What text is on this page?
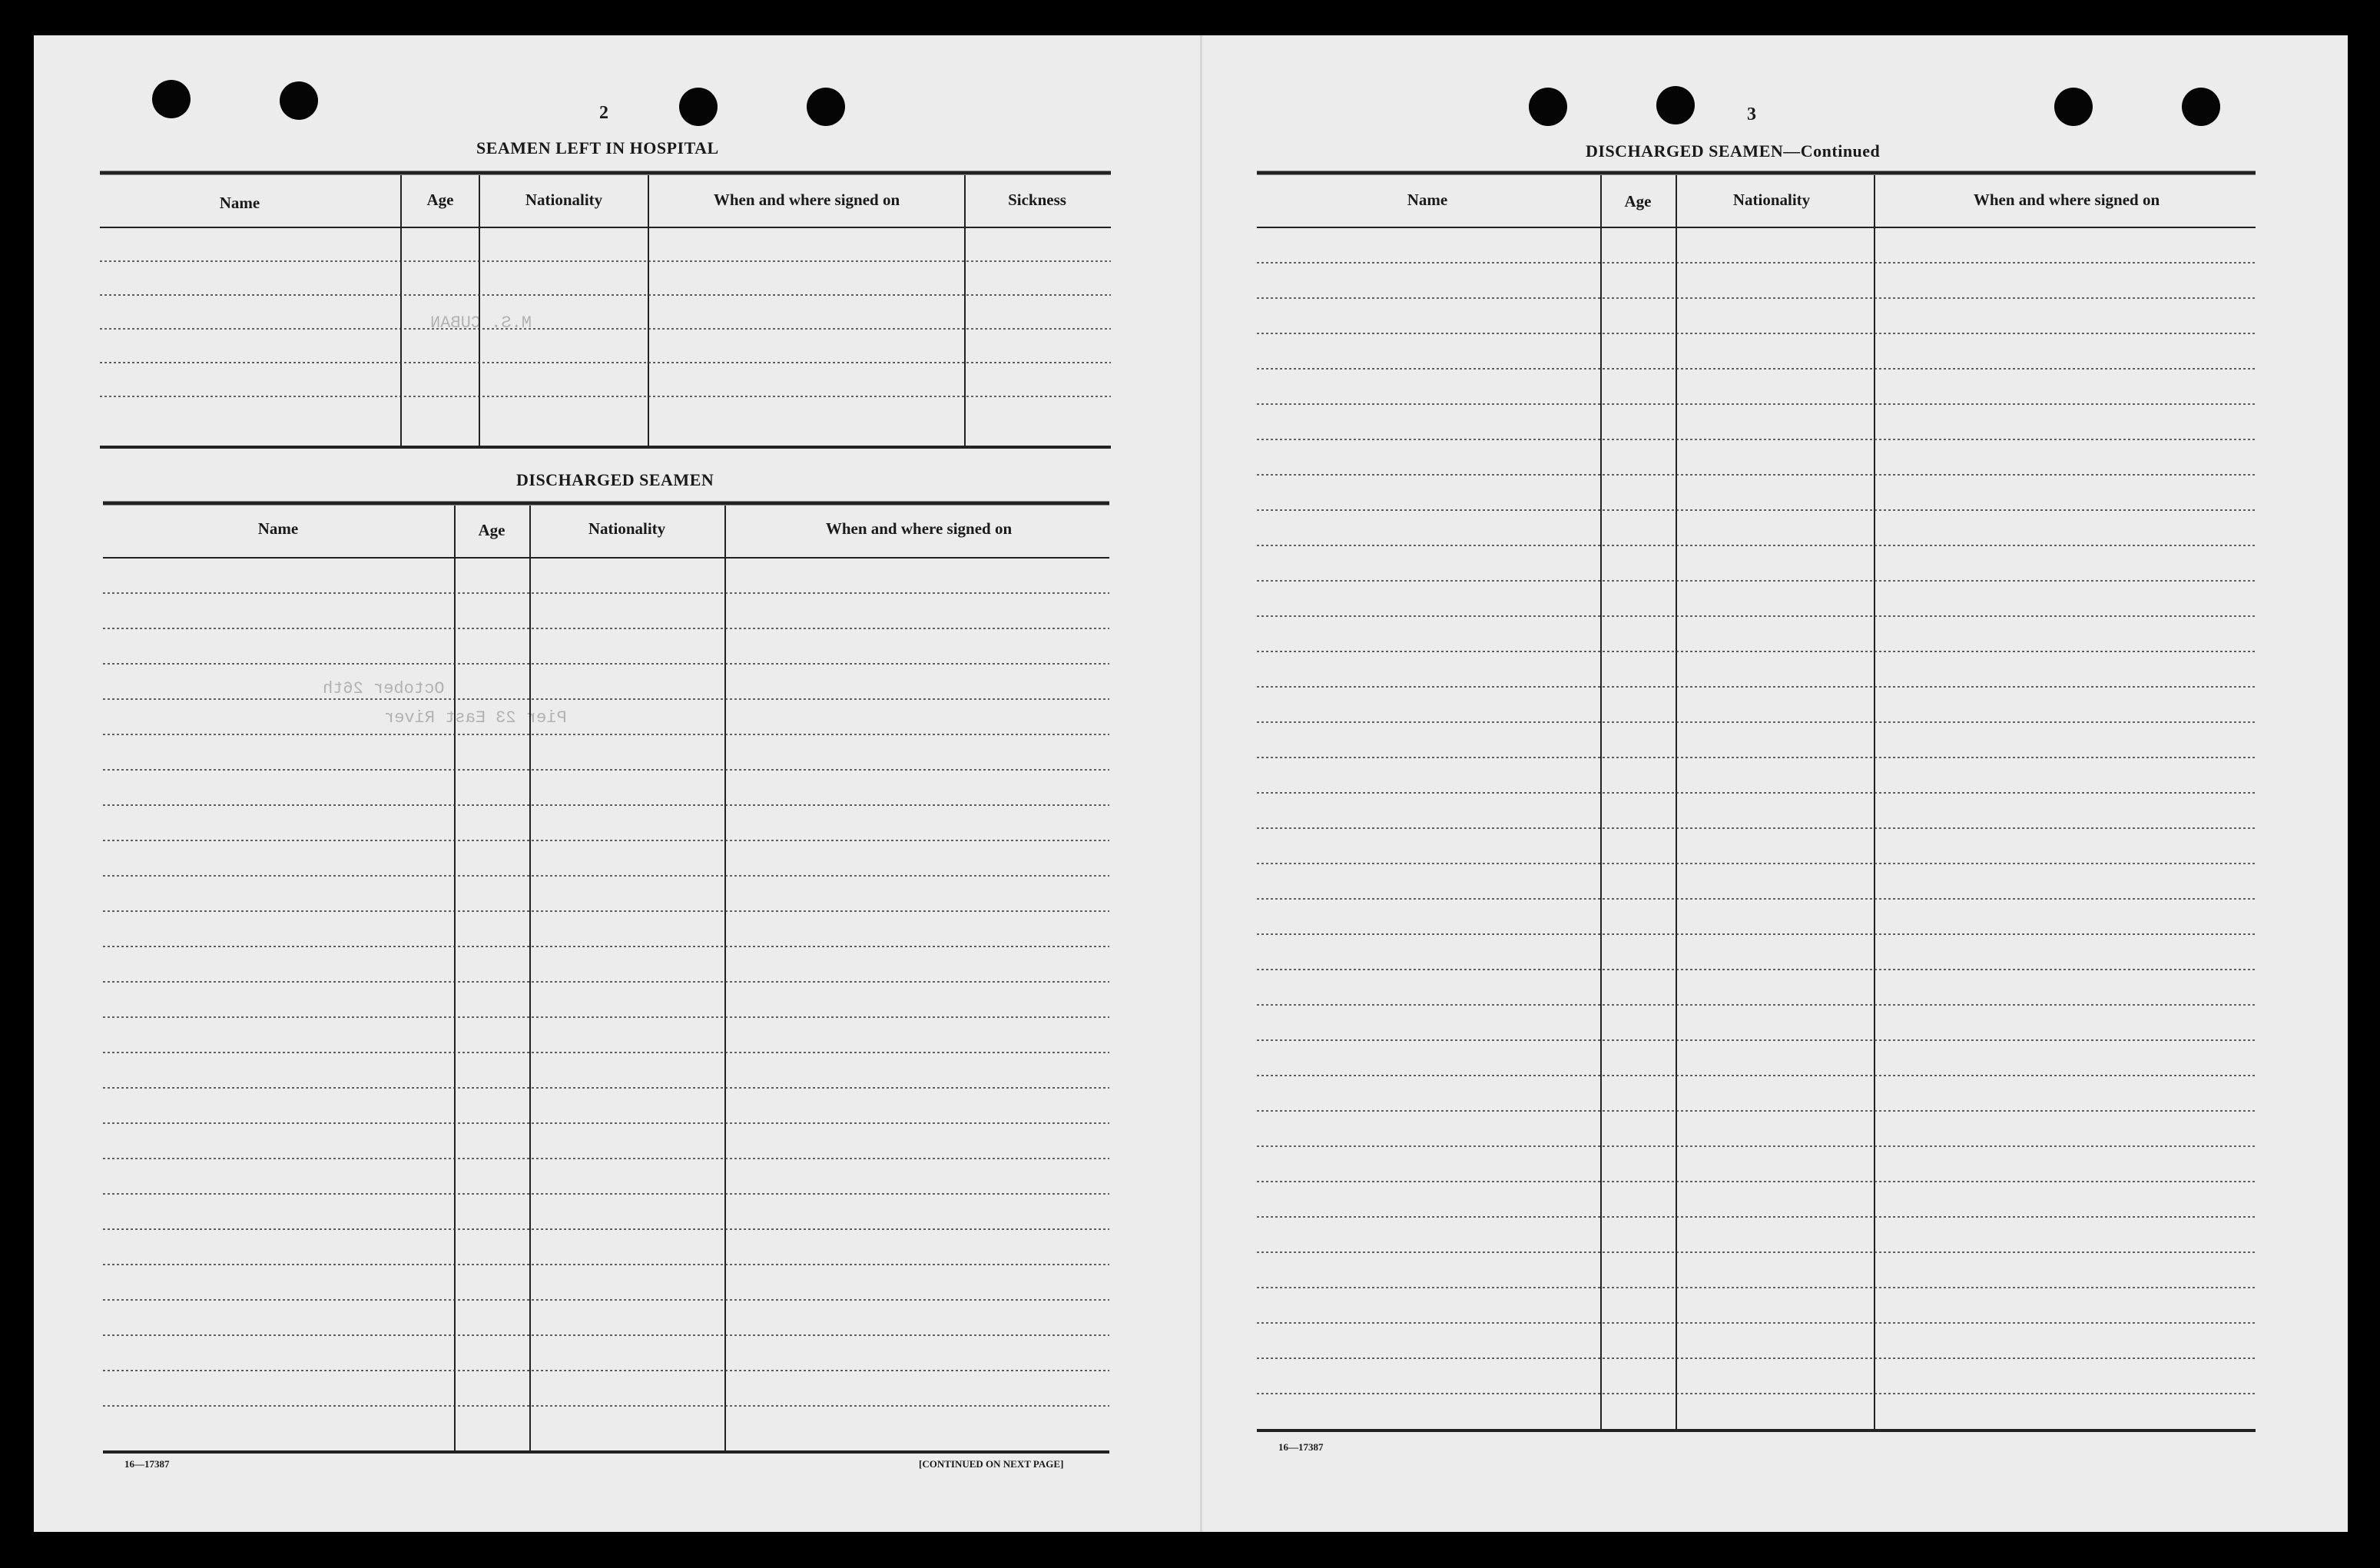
M.S. CUBAN
October 26th
Pier 23 East River
2
SEAMEN LEFT IN HOSPITAL
Name	Age	Nationality	When and where signed on	Sickness
DISCHARGED SEAMEN
Name	Age	Nationality	When and where signed on
16—17387	[CONTINUED ON NEXT PAGE]
3
DISCHARGED SEAMEN—Continued
Name	Age	Nationality	When and where signed on
16—17387
